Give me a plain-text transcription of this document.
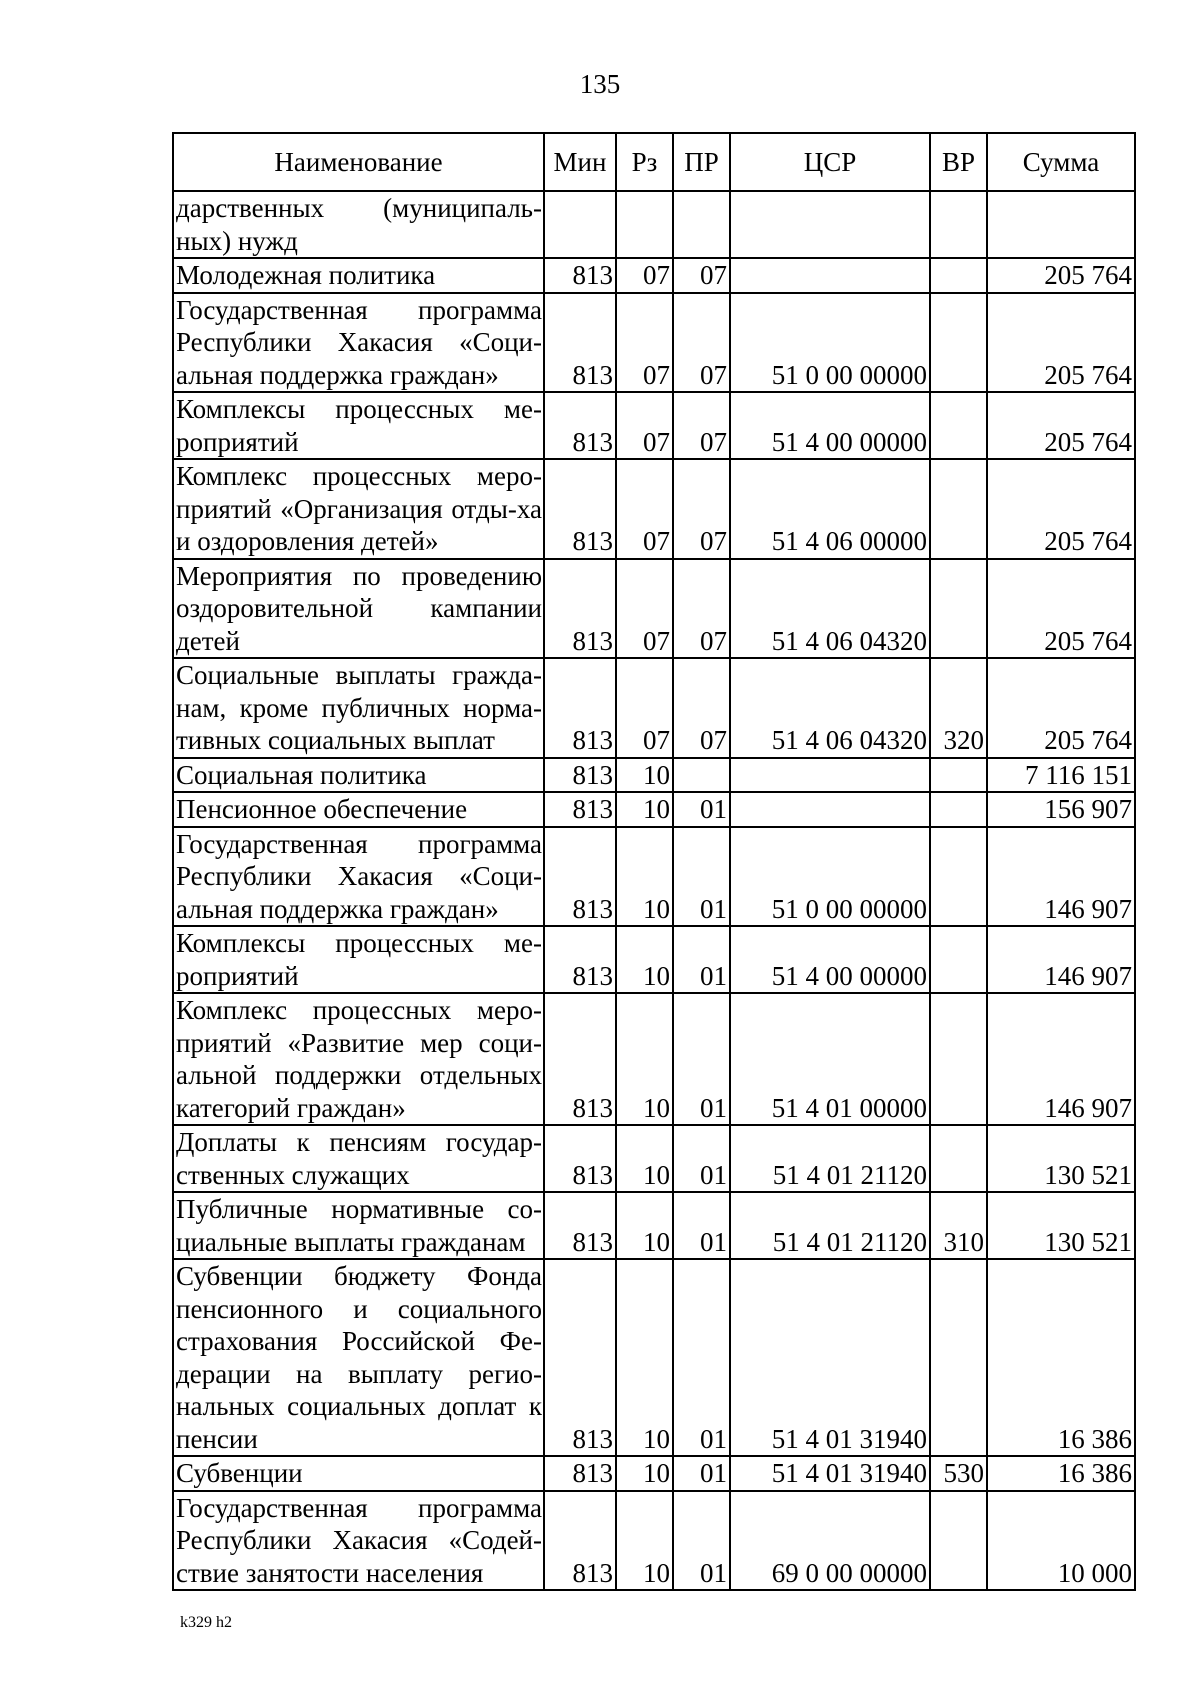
135
Наименование	Мин	Рз	ПР	ЦСР	ВР	Сумма
дарственных (муниципаль-ных) нужд						
Молодежная политика	813	07	07			205 764
Государственная программа Республики Хакасия «Соци-альная поддержка граждан»	813	07	07	51 0 00 00000		205 764
Комплексы процессных ме-роприятий	813	07	07	51 4 00 00000		205 764
Комплекс процессных меро-приятий «Организация отды-ха и оздоровления детей»	813	07	07	51 4 06 00000		205 764
Мероприятия по проведению оздоровительной кампании детей	813	07	07	51 4 06 04320		205 764
Социальные выплаты гражда-нам, кроме публичных норма-тивных социальных выплат	813	07	07	51 4 06 04320	320	205 764
Социальная политика	813	10				7 116 151
Пенсионное обеспечение	813	10	01			156 907
Государственная программа Республики Хакасия «Соци-альная поддержка граждан»	813	10	01	51 0 00 00000		146 907
Комплексы процессных ме-роприятий	813	10	01	51 4 00 00000		146 907
Комплекс процессных меро-приятий «Развитие мер соци-альной поддержки отдельных категорий граждан»	813	10	01	51 4 01 00000		146 907
Доплаты к пенсиям государ-ственных служащих	813	10	01	51 4 01 21120		130 521
Публичные нормативные со-циальные выплаты гражданам	813	10	01	51 4 01 21120	310	130 521
Субвенции бюджету Фонда пенсионного и социального страхования Российской Фе-дерации на выплату регио-нальных социальных доплат к пенсии	813	10	01	51 4 01 31940		16 386
Субвенции	813	10	01	51 4 01 31940	530	16 386
Государственная программа Республики Хакасия «Содей-ствие занятости населения	813	10	01	69 0 00 00000		10 000
k329 h2
